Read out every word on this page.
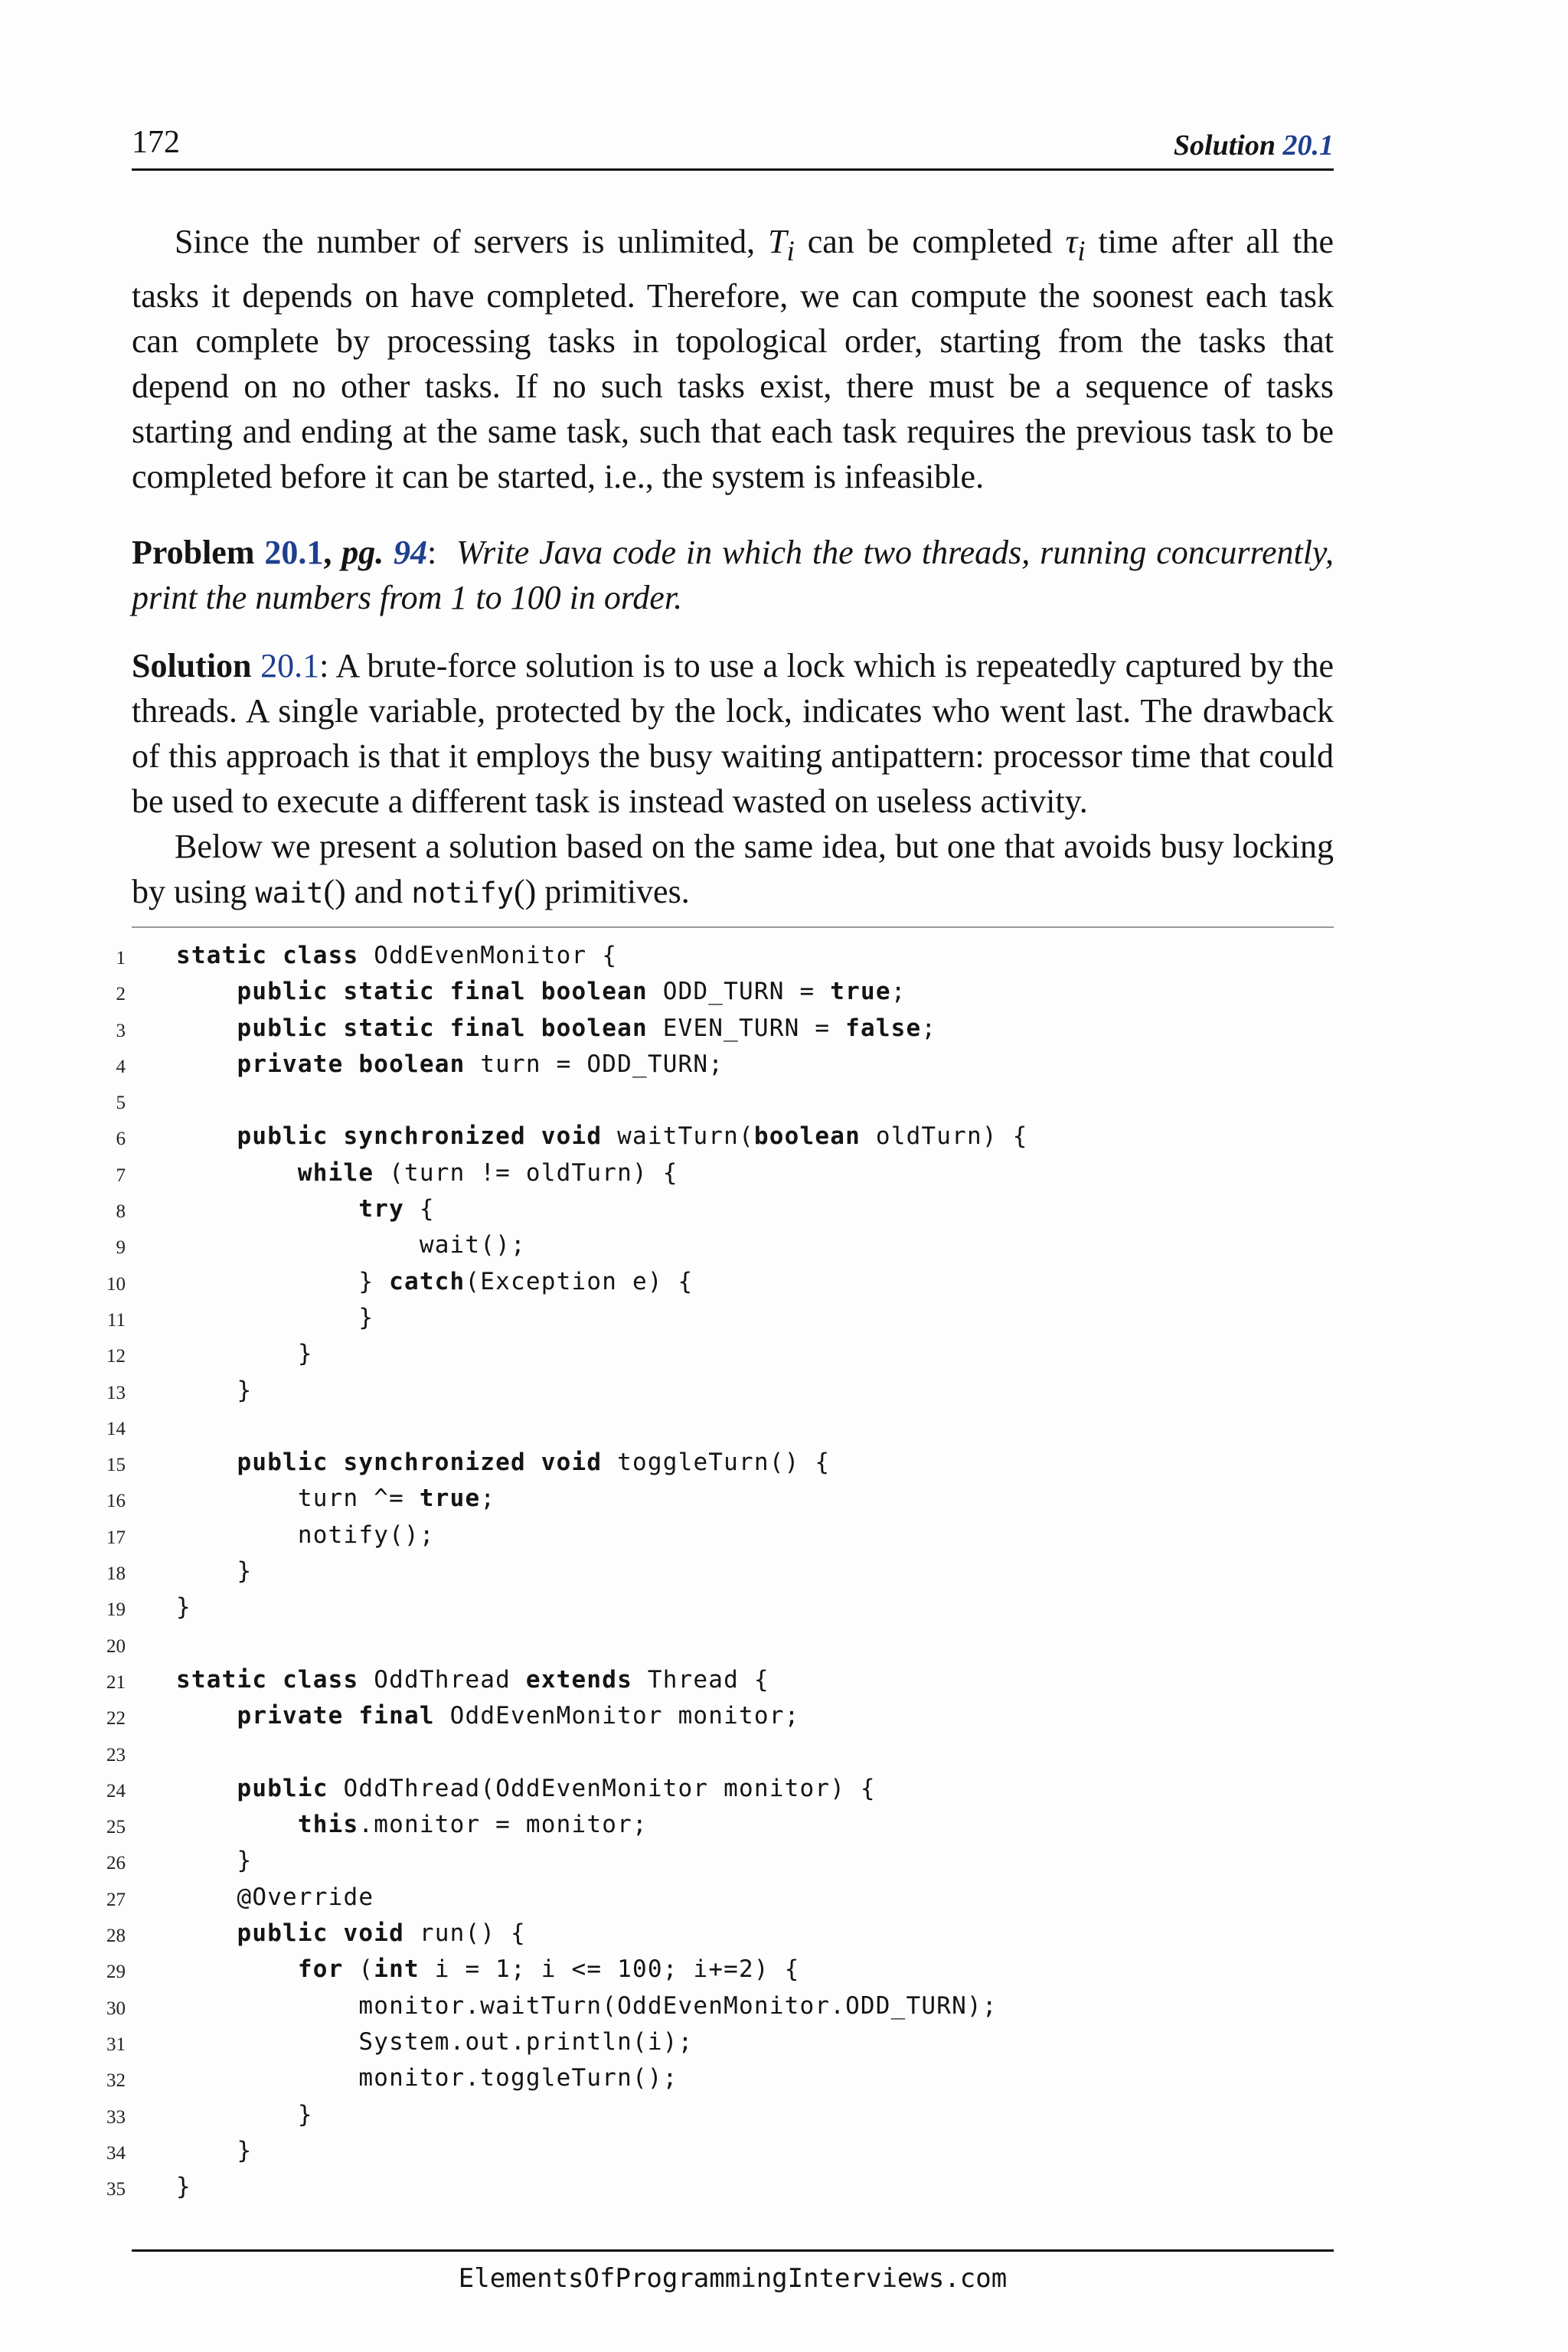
172	Solution 20.1

Since the number of servers is unlimited, $T_i$ can be completed $\tau_i$ time after all the tasks it depends on have completed. Therefore, we can compute the soonest each task can complete by processing tasks in topological order, starting from the tasks that depend on no other tasks. If no such tasks exist, there must be a sequence of tasks starting and ending at the same task, such that each task requires the previous task to be completed before it can be started, i.e., the system is infeasible.

Problem 20.1, pg. 94: Write Java code in which the two threads, running concurrently, print the numbers from 1 to 100 in order.

Solution 20.1: A brute-force solution is to use a lock which is repeatedly captured by the threads. A single variable, protected by the lock, indicates who went last. The drawback of this approach is that it employs the busy waiting antipattern: processor time that could be used to execute a different task is instead wasted on useless activity.

Below we present a solution based on the same idea, but one that avoids busy locking by using wait() and notify() primitives.

1 static class OddEvenMonitor {
2	public static final boolean ODD_TURN = true;
3	public static final boolean EVEN_TURN = false;
4	private boolean turn = ODD_TURN;
5
6	public synchronized void waitTurn(boolean oldTurn) {
7	while (turn != oldTurn) {
8	try {
9	wait();
10 } catch(Exception e) {
11 }
12 }
13 }
14
15	public synchronized void toggleTurn() {
16	turn ^= true;
17	notify();
18 }
19 }
20
21 static class OddThread extends Thread {
22	private final OddEvenMonitor monitor;
23
24	public OddThread(OddEvenMonitor monitor) {
25	this.monitor = monitor;
26 }
27 @Override
28	public void run() {
29	for (int i = 1; i <= 100; i+=2) {
30	monitor.waitTurn(OddEvenMonitor.ODD_TURN);
31	System.out.println(i);
32	monitor.toggleTurn();
33 }
34 }
35 }
ElementsOfProgrammingInterviews.com
